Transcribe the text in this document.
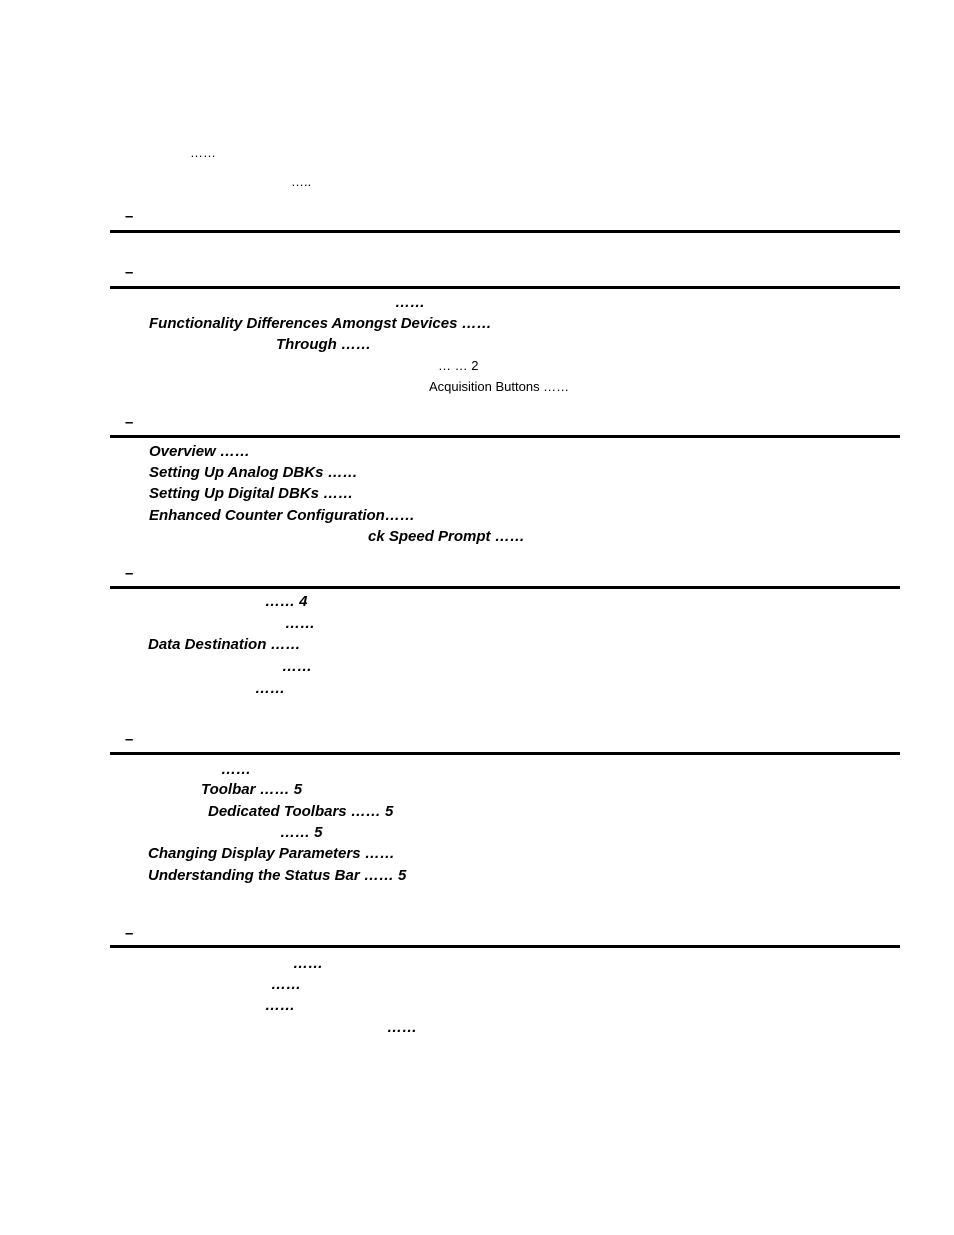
……
…..
–
–
……
Functionality Differences Amongst Devices ……
Through ……
… … 2
Acquisition Buttons ……
–
Overview ……
Setting Up Analog DBKs ……
Setting Up Digital DBKs ……
Enhanced Counter Configuration……
ck Speed Prompt ……
–
…… 4
……
Data Destination ……
……
……
–
……
Toolbar …… 5
Dedicated Toolbars …… 5
…… 5
Changing Display Parameters ……
Understanding the Status Bar …… 5
–
……
……
……
……
